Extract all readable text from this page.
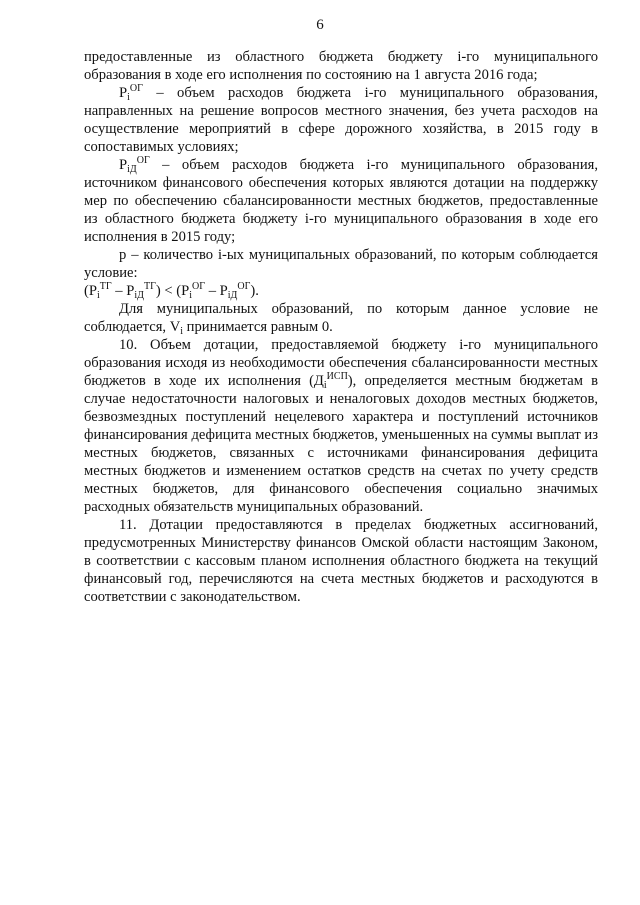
6

предоставленные из областного бюджета бюджету i-го муниципального образования в ходе его исполнения по состоянию на 1 августа 2016 года;

$P_i^{ОГ}$ – объем расходов бюджета i-го муниципального образования, направленных на решение вопросов местного значения, без учета расходов на осуществление мероприятий в сфере дорожного хозяйства, в 2015 году в сопоставимых условиях;

$P_{iД}^{ОГ}$ – объем расходов бюджета i-го муниципального образования, источником финансового обеспечения которых являются дотации на поддержку мер по обеспечению сбалансированности местных бюджетов, предоставленные из областного бюджета бюджету i-го муниципального образования в ходе его исполнения в 2015 году;

р – количество i-ых муниципальных образований, по которым соблюдается условие:

$(P_i^{ТГ} - P_{iД}^{ТГ}) < (P_i^{ОГ} - P_{iД}^{ОГ})$.

Для муниципальных образований, по которым данное условие не соблюдается, $V_i$ принимается равным 0.

10. Объем дотации, предоставляемой бюджету i-го муниципального образования исходя из необходимости обеспечения сбалансированности местных бюджетов в ходе их исполнения $(Д_i^{ИСП})$, определяется местным бюджетам в случае недостаточности налоговых и неналоговых доходов местных бюджетов, безвозмездных поступлений нецелевого характера и поступлений источников финансирования дефицита местных бюджетов, уменьшенных на суммы выплат из местных бюджетов, связанных с источниками финансирования дефицита местных бюджетов и изменением остатков средств на счетах по учету средств местных бюджетов, для финансового обеспечения социально значимых расходных обязательств муниципальных образований.

11. Дотации предоставляются в пределах бюджетных ассигнований, предусмотренных Министерству финансов Омской области настоящим Законом, в соответствии с кассовым планом исполнения областного бюджета на текущий финансовый год, перечисляются на счета местных бюджетов и расходуются в соответствии с законодательством.
